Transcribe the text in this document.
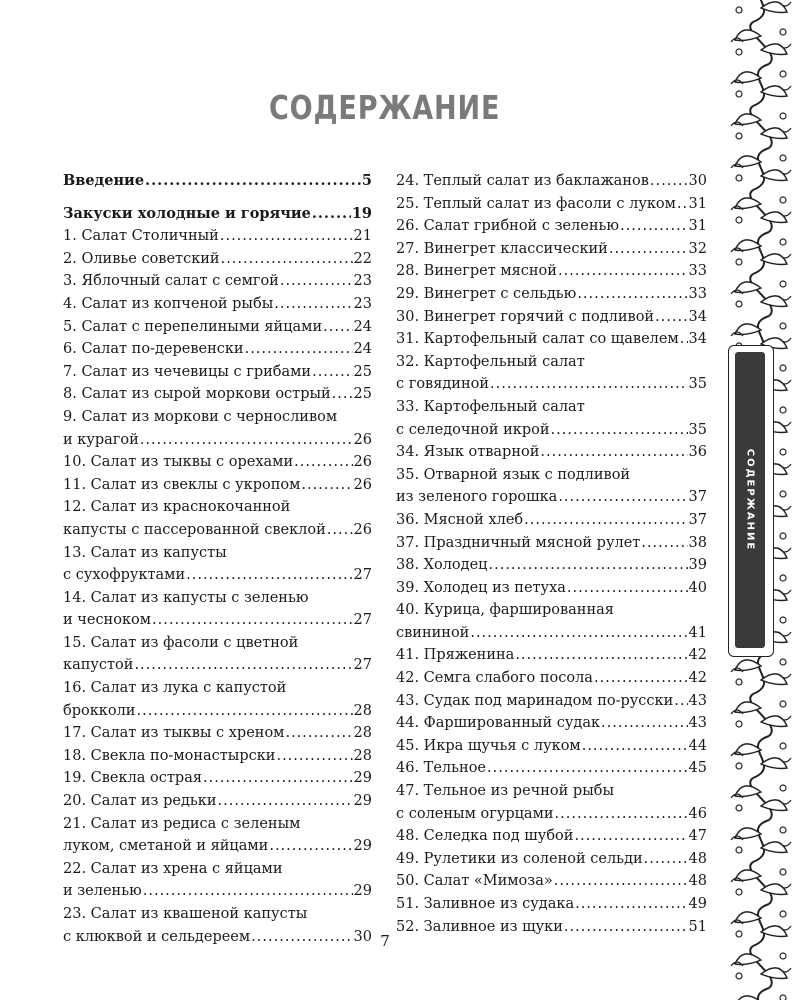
СОДЕРЖАНИЕ
Введение .....	5
Закуски холодные и горячие .....	19
1. Салат Столичный .....	21
2. Оливье советский .....	22
3. Яблочный салат с семгой .....	23
4. Салат из копченой рыбы .....	23
5. Салат с перепелиными яйцами ..... 24
6. Салат по-деревенски .....	24
7. Салат из чечевицы с грибами .....	25
8. Салат из сырой моркови острый ..... 25
9. Салат из моркови с черносливом
и курагой .....	26
10. Салат из тыквы с орехами .....	26
11. Салат из свеклы с укропом .....	26
12. Салат из краснокочанной
капусты с пассерованной свеклой ..... 26
13. Салат из капусты
с сухофруктами .....	27
14. Салат из капусты с зеленью
и чесноком .....	27
15. Салат из фасоли с цветной
капустой .....	27
16. Салат из лука с капустой
брокколи .....	28
17. Салат из тыквы с хреном .....	28
18. Свекла по-монастырски .....	28
19. Свекла острая .....	29
20. Салат из редьки .....	29
21. Салат из редиса с зеленым
луком, сметаной и яйцами .....	29
22. Салат из хрена с яйцами
и зеленью .....	29
23. Салат из квашеной капусты
с клюквой и сельдереем .....	30
24. Теплый салат из баклажанов .....	30
25. Теплый салат из фасоли с луком ..... 31
26. Салат грибной с зеленью .....	31
27. Винегрет классический .....	32
28. Винегрет мясной .....	33
29. Винегрет с сельдью .....	33
30. Винегрет горячий с подливой ..... 34
31. Картофельный салат со щавелем ..... 34
32. Картофельный салат
с говядиной .....	35
33. Картофельный салат
с селедочной икрой .....	35
34. Язык отварной .....	36
35. Отварной язык с подливой
из зеленого горошка .....	37
36. Мясной хлеб .....	37
37. Праздничный мясной рулет .....	38
38. Холодец .....	39
39. Холодец из петуха .....	40
40. Курица, фаршированная
свининой .....	41
41. Пряженина .....	42
42. Семга слабого посола .....	42
43. Судак под маринадом по-русски ..... 43
44. Фаршированный судак .....	43
45. Икра щучья с луком .....	44
46. Тельное .....	45
47. Тельное из речной рыбы
с соленым огурцами .....	46
48. Селедка под шубой .....	47
49. Рулетики из соленой сельди .....	48
50. Салат «Мимоза» .....	48
51. Заливное из судака .....	49
52. Заливное из щуки .....	51
СОДЕРЖАНИЕ
7
